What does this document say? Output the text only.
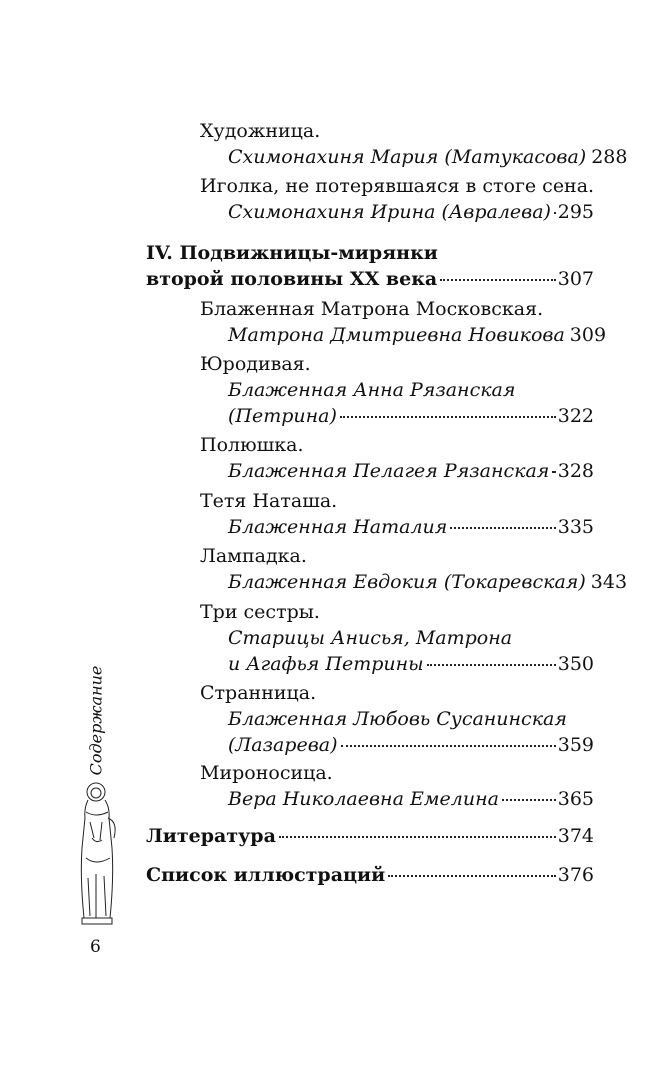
Художница.
Схимонахиня Мария (Матукасова) 288
Иголка, не потерявшаяся в стоге сена.
Схимонахиня Ирина (Авралева) 295
IV. Подвижницы-мирянки
второй половины ХХ века	307
Блаженная Матрона Московская.
Матрона Дмитриевна Новикова 309
Юродивая.
Блаженная Анна Рязанская
(Петрина)	322
Полюшка.
Блаженная Пелагея Рязанская 328
Тетя Наташа.
Блаженная Наталия	335
Лампадка.
Блаженная Евдокия (Токаревская) 343
Три сестры.
Старицы Анисья, Матрона
и Агафья Петрины	350
Странница.
Блаженная Любовь Сусанинская
(Лазарева)	359
Мироносица.
Вера Николаевна Емелина	365
Литература	374
Список иллюстраций	376
Содержание
6
